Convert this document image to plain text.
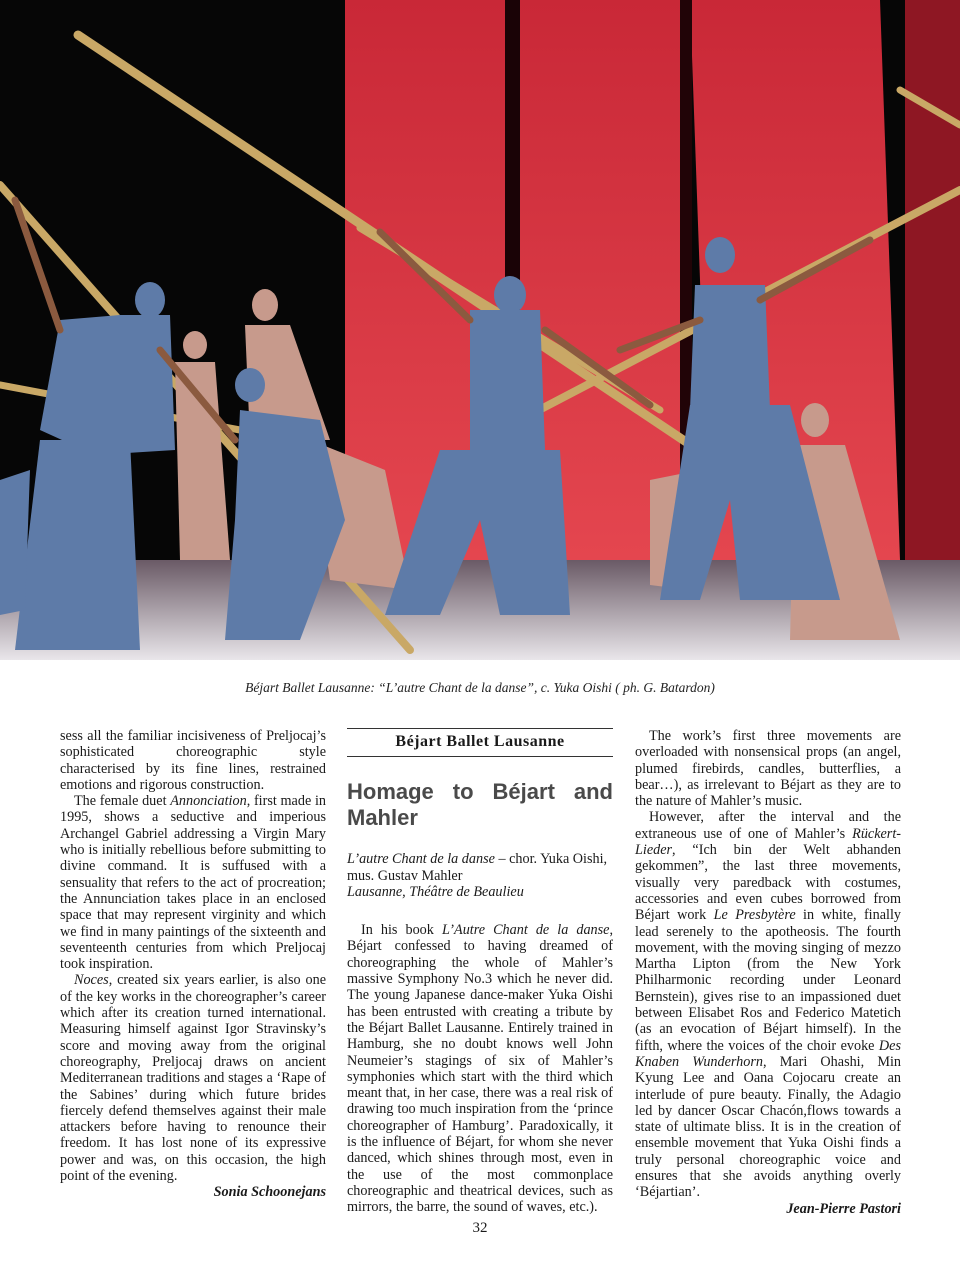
Béjart Ballet Lausanne: “L’autre Chant de la danse”, c. Yuka Oishi ( ph. G. Batardon)

sess all the familiar incisiveness of Preljocaj’s sophisticated choreographic style characterised by its fine lines, restrained emotions and rigorous construction.

The female duet Annonciation, first made in 1995, shows a seductive and imperious Archangel Gabriel addressing a Virgin Mary who is initially rebellious before submitting to divine command. It is suffused with a sensuality that refers to the act of procreation; the Annunciation takes place in an enclosed space that may represent virginity and which we find in many paintings of the sixteenth and seventeenth centuries from which Preljocaj took inspiration.

Noces, created six years earlier, is also one of the key works in the choreographer’s career which after its creation turned international. Measuring himself against Igor Stravinsky’s score and moving away from the original choreography, Preljocaj draws on ancient Mediterranean traditions and stages a ‘Rape of the Sabines’ during which future brides fiercely defend themselves against their male attackers before having to renounce their freedom. It has lost none of its expressive power and was, on this occasion, the high point of the evening.

Sonia Schoonejans

Béjart Ballet Lausanne
Homage to Béjart and Mahler
L’autre Chant de la danse – chor. Yuka Oishi, mus. Gustav Mahler
Lausanne, Théâtre de Beaulieu

In his book L’Autre Chant de la danse, Béjart confessed to having dreamed of choreographing the whole of Mahler’s massive Symphony No.3 which he never did. The young Japanese dance-maker Yuka Oishi has been entrusted with creating a tribute by the Béjart Ballet Lausanne. Entirely trained in Hamburg, she no doubt knows well John Neumeier’s stagings of six of Mahler’s symphonies which start with the third which meant that, in her case, there was a real risk of drawing too much inspiration from the ‘prince choreographer of Hamburg’. Paradoxically, it is the influence of Béjart, for whom she never danced, which shines through most, even in the use of the most commonplace choreographic and theatrical devices, such as mirrors, the barre, the sound of waves, etc.).

The work’s first three movements are overloaded with nonsensical props (an angel, plumed firebirds, candles, butterflies, a bear…), as irrelevant to Béjart as they are to the nature of Mahler’s music.

However, after the interval and the extraneous use of one of Mahler’s Rückert-Lieder, “Ich bin der Welt abhanden gekommen”, the last three movements, visually very paredback with costumes, accessories and even cubes borrowed from Béjart work Le Presbytère in white, finally lead serenely to the apotheosis. The fourth movement, with the moving singing of mezzo Martha Lipton (from the New York Philharmonic recording under Leonard Bernstein), gives rise to an impassioned duet between Elisabet Ros and Federico Matetich (as an evocation of Béjart himself). In the fifth, where the voices of the choir evoke Des Knaben Wunderhorn, Mari Ohashi, Min Kyung Lee and Oana Cojocaru create an interlude of pure beauty. Finally, the Adagio led by dancer Oscar Chacón,flows towards a state of ultimate bliss. It is in the creation of ensemble movement that Yuka Oishi finds a truly personal choreographic voice and ensures that she avoids anything overly ‘Béjartian’.

Jean-Pierre Pastori

32
